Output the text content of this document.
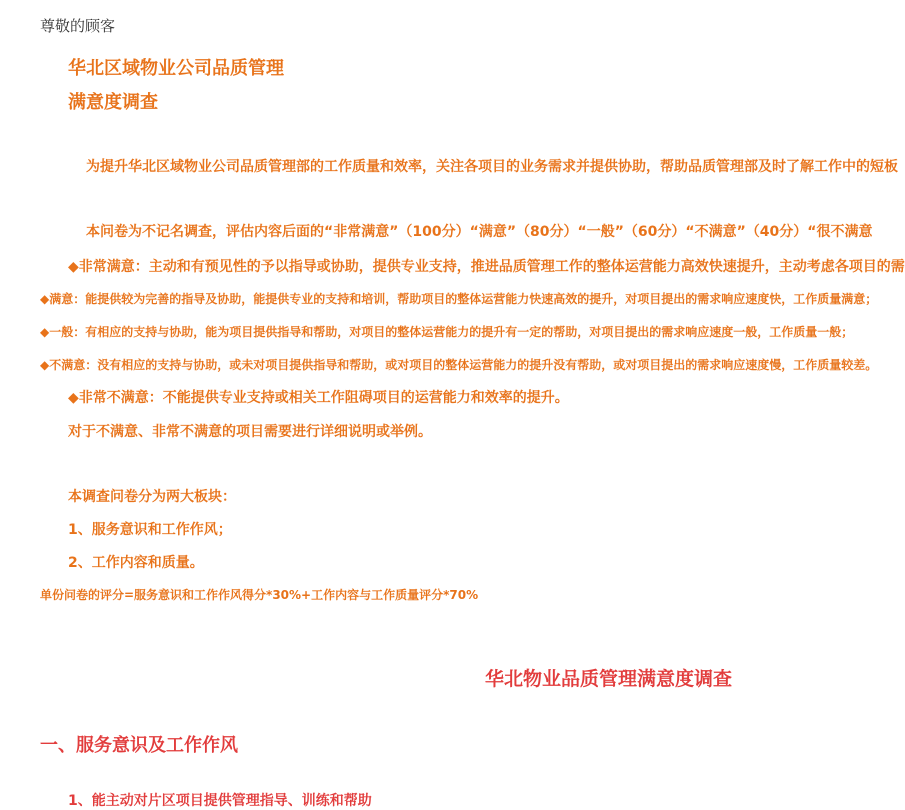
尊敬的顾客
华北区域物业公司品质管理
满意度调查
为提升华北区域物业公司品质管理部的工作质量和效率，关注各项目的业务需求并提供协助，帮助品质管理部及时了解工作中的短板
本问卷为不记名调查，评估内容后面的“非常满意”（100分）“满意”（80分）“一般”（60分）“不满意”（40分）“很不满意
◆非常满意：主动和有预见性的予以指导或协助，提供专业支持，推进品质管理工作的整体运营能力高效快速提升，主动考虑各项目的需
◆满意：能提供较为完善的指导及协助，能提供专业的支持和培训，帮助项目的整体运营能力快速高效的提升，对项目提出的需求响应速度快，工作质量满意；
◆一般：有相应的支持与协助，能为项目提供指导和帮助，对项目的整体运营能力的提升有一定的帮助，对项目提出的需求响应速度一般，工作质量一般；
◆不满意：没有相应的支持与协助，或未对项目提供指导和帮助，或对项目的整体运营能力的提升没有帮助，或对项目提出的需求响应速度慢，工作质量较差。
◆非常不满意：不能提供专业支持或相关工作阻碍项目的运营能力和效率的提升。
对于不满意、非常不满意的项目需要进行详细说明或举例。
本调查问卷分为两大板块：
1、服务意识和工作作风；
2、工作内容和质量。
单份问卷的评分=服务意识和工作作风得分*30%+工作内容与工作质量评分*70%
华北物业品质管理满意度调查
一、服务意识及工作作风
1、能主动对片区项目提供管理指导、训练和帮助
